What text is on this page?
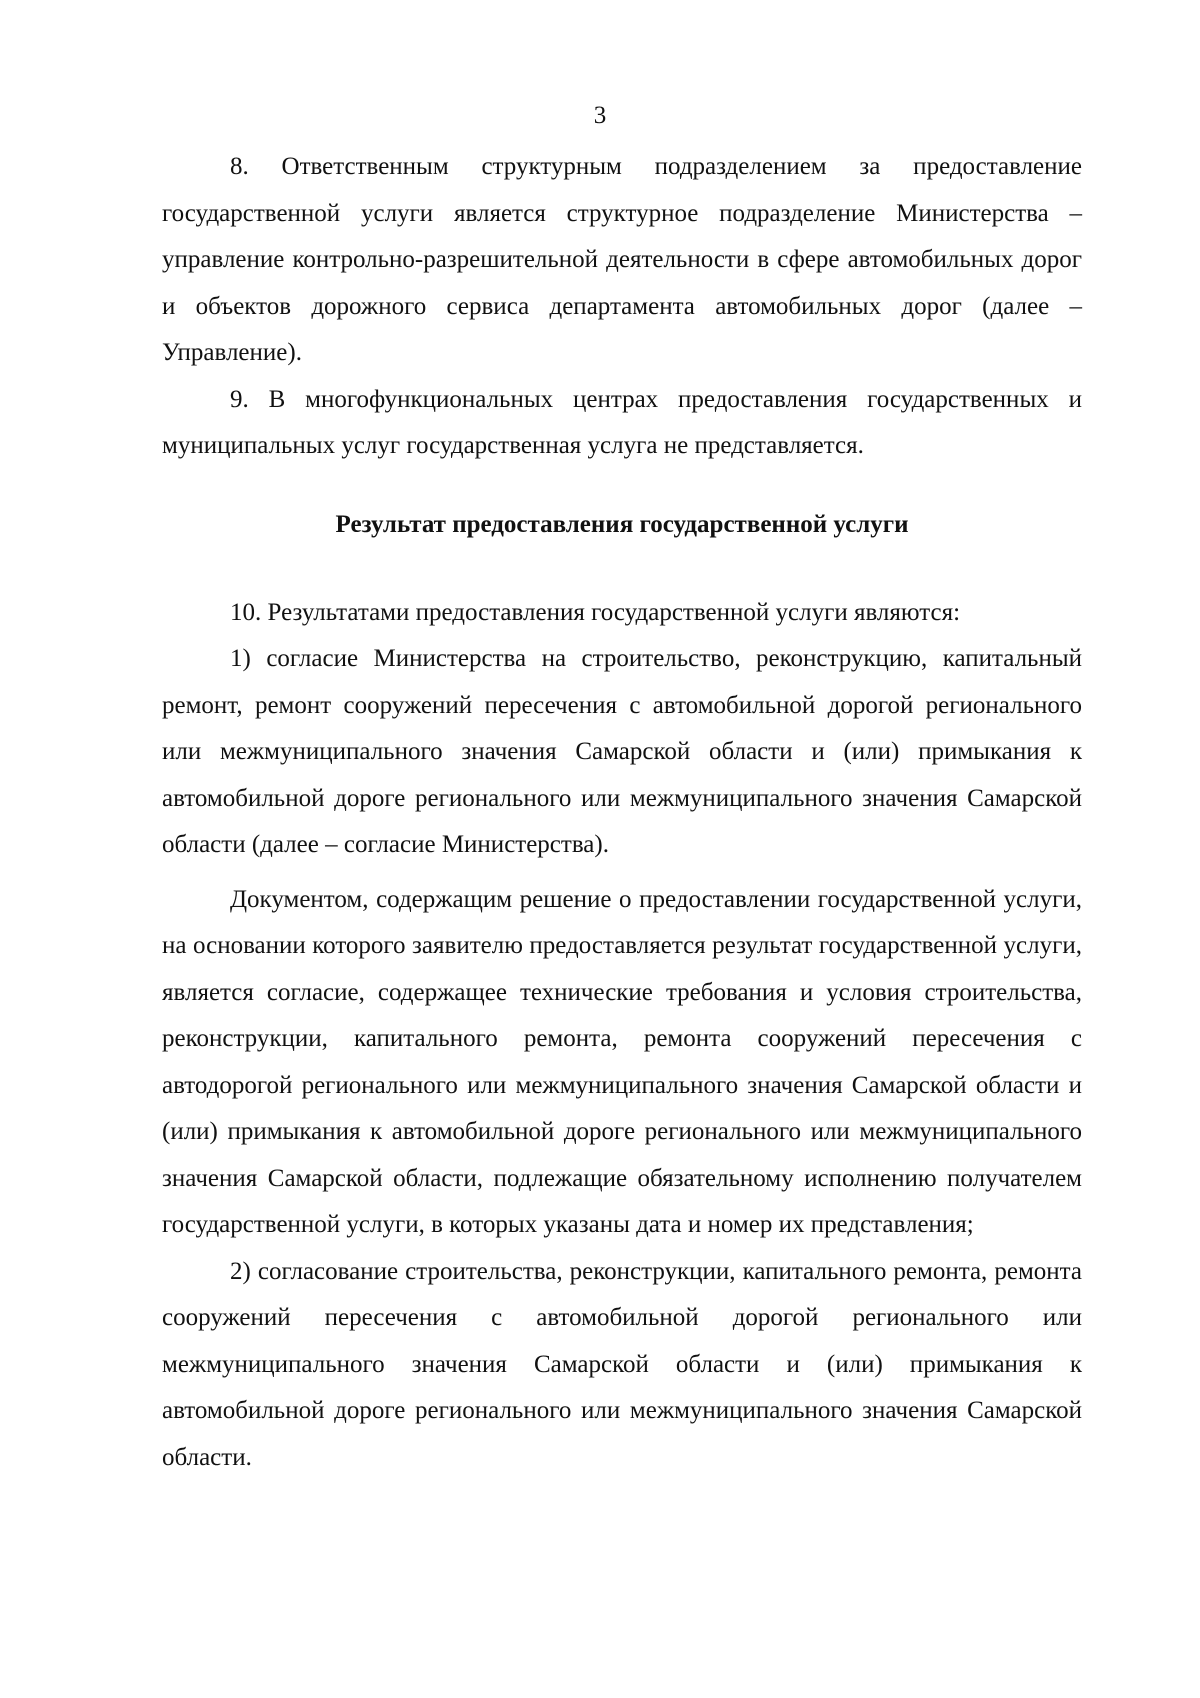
3

8. Ответственным структурным подразделением за предоставление государственной услуги является структурное подразделение Министерства – управление контрольно-разрешительной деятельности в сфере автомобильных дорог и объектов дорожного сервиса департамента автомобильных дорог (далее – Управление).

9. В многофункциональных центрах предоставления государственных и муниципальных услуг государственная услуга не представляется.

Результат предоставления государственной услуги

10. Результатами предоставления государственной услуги являются:

1) согласие Министерства на строительство, реконструкцию, капитальный ремонт, ремонт сооружений пересечения с автомобильной дорогой регионального или межмуниципального значения Самарской области и (или) примыкания к автомобильной дороге регионального или межмуниципального значения Самарской области (далее – согласие Министерства).

Документом, содержащим решение о предоставлении государственной услуги, на основании которого заявителю предоставляется результат государственной услуги, является согласие, содержащее технические требования и условия строительства, реконструкции, капитального ремонта, ремонта сооружений пересечения с автодорогой регионального или межмуниципального значения Самарской области и (или) примыкания к автомобильной дороге регионального или межмуниципального значения Самарской области, подлежащие обязательному исполнению получателем государственной услуги, в которых указаны дата и номер их представления;

2) согласование строительства, реконструкции, капитального ремонта, ремонта сооружений пересечения с автомобильной дорогой регионального или межмуниципального значения Самарской области и (или) примыкания к автомобильной дороге регионального или межмуниципального значения Самарской области.
